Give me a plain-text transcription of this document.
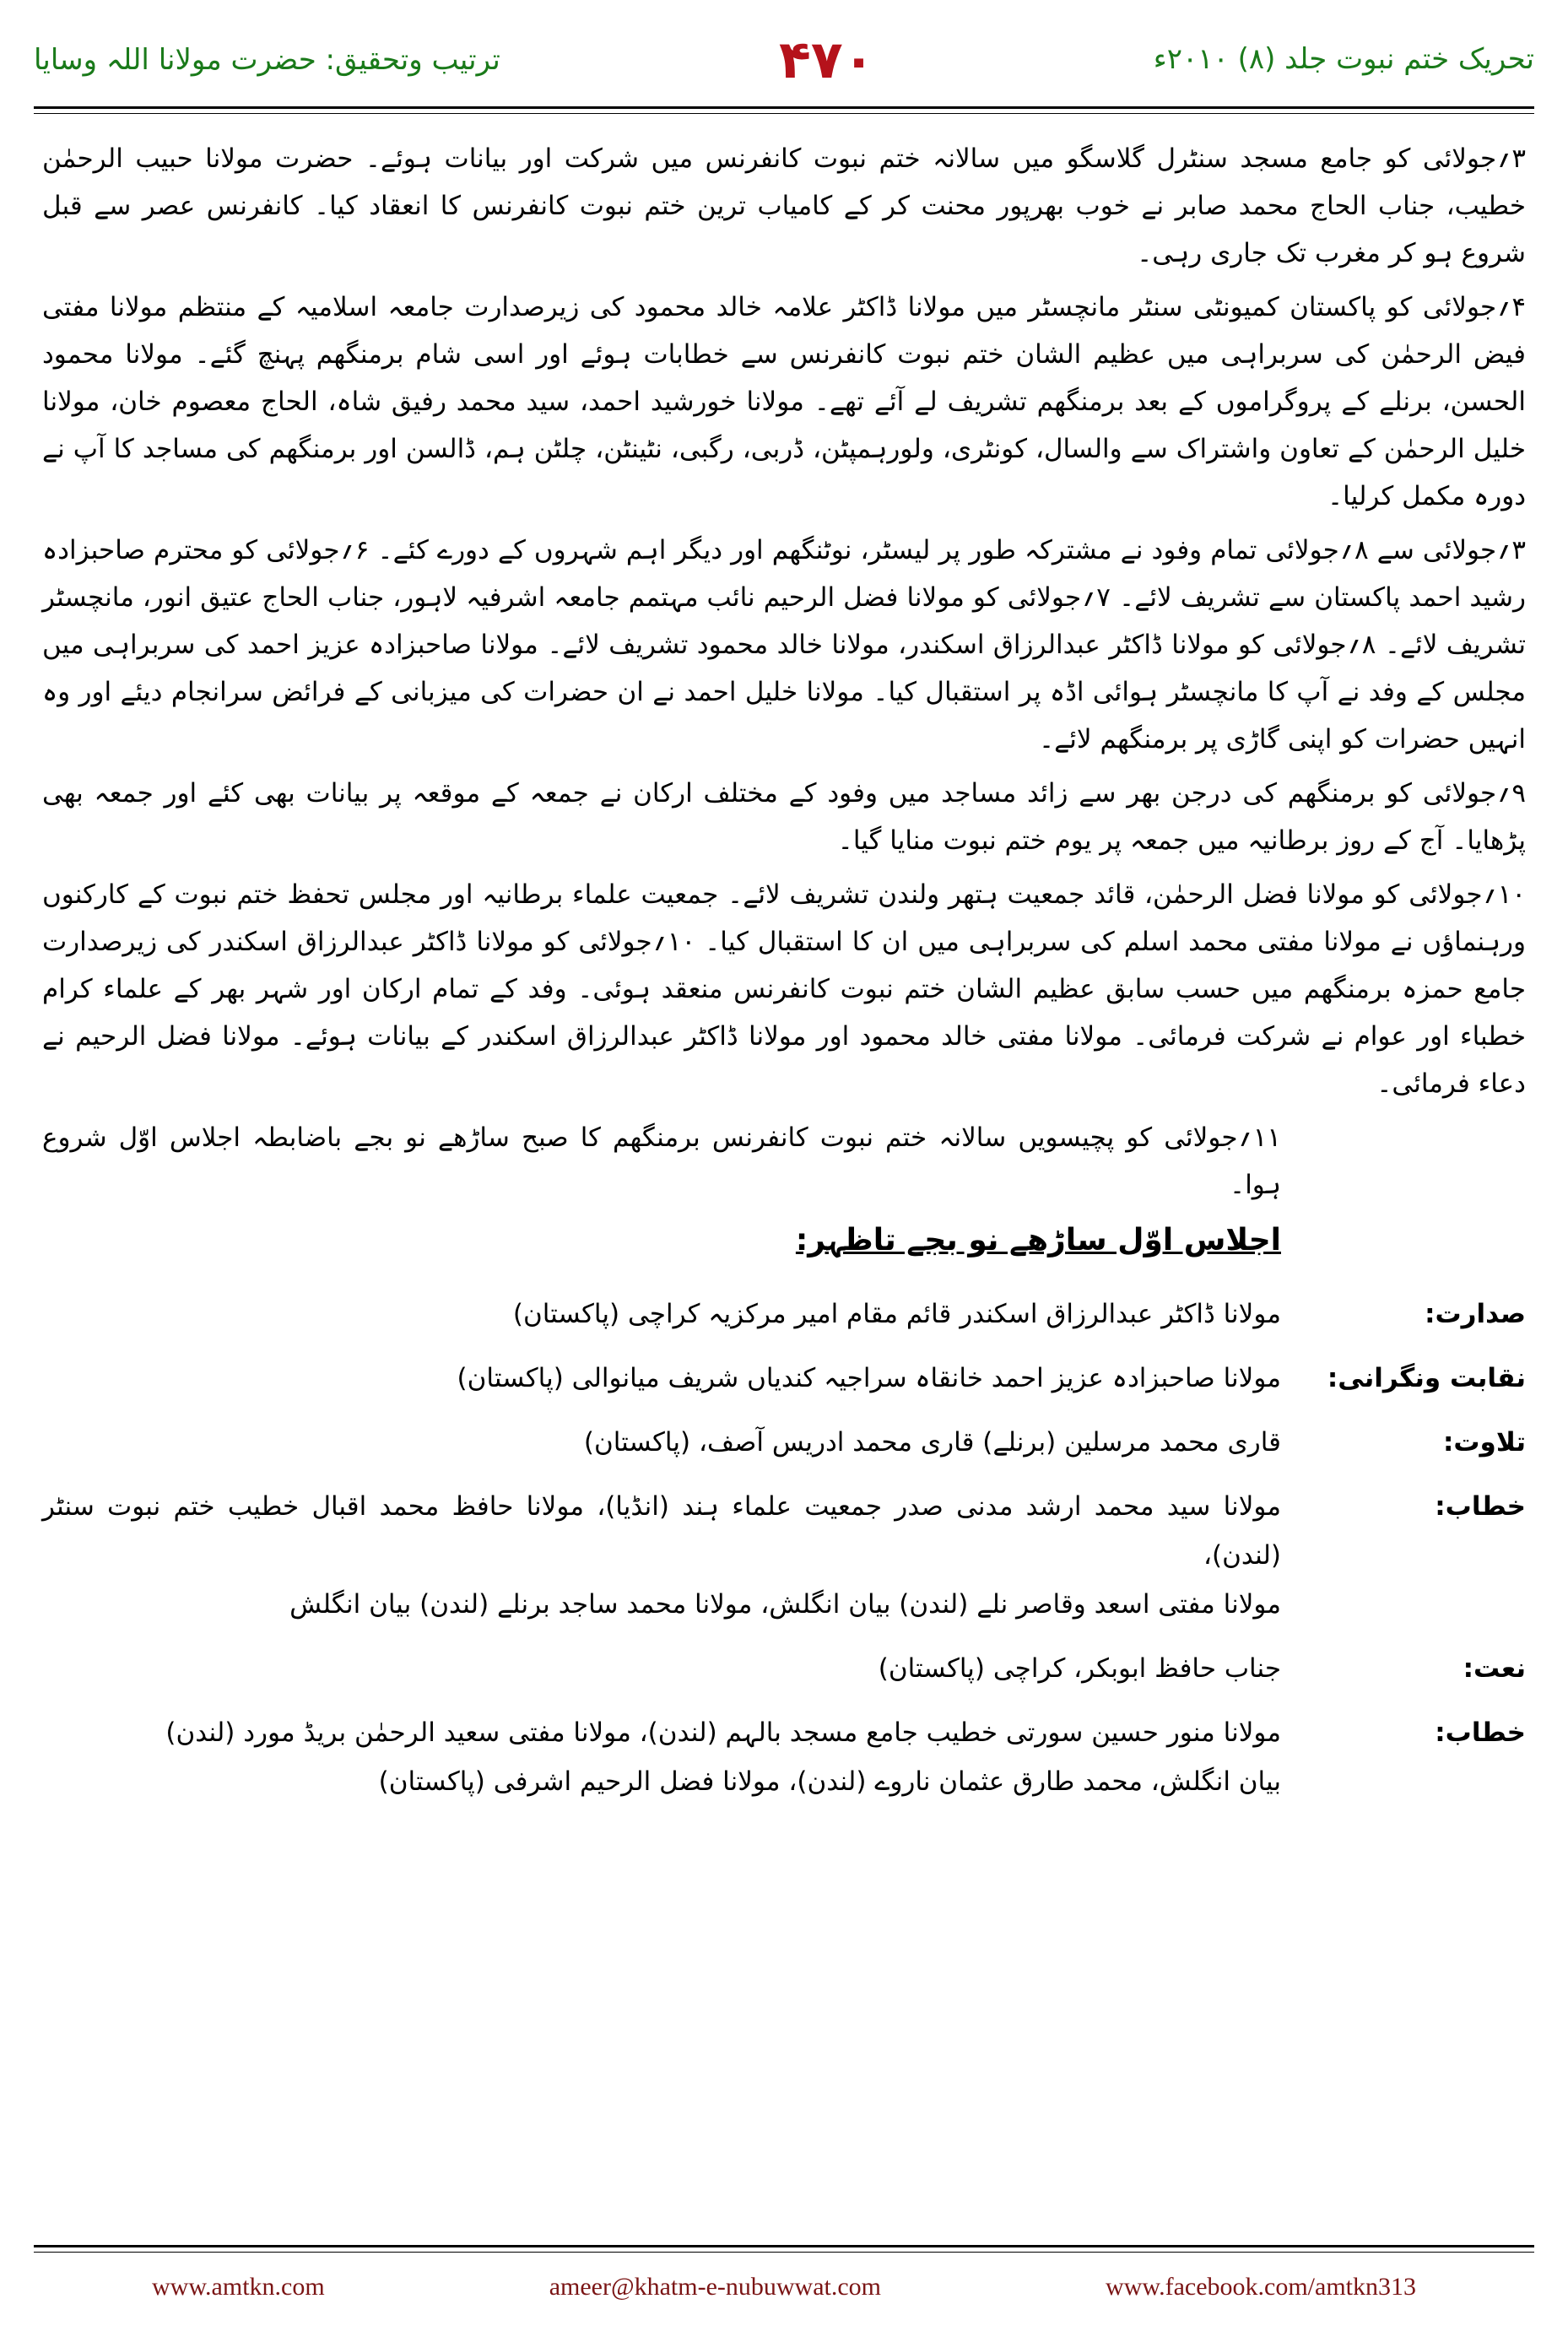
ترتیب وتحقیق: حضرت مولانا اللہ وسایا	۴۷۰	تحریک ختم نبوت جلد (۸) ۲۰۱۰ء

۳؍جولائی کو جامع مسجد سنٹرل گلاسگو میں سالانہ ختم نبوت کانفرنس میں شرکت اور بیانات ہوئے۔ حضرت مولانا حبیب الرحمٰن خطیب، جناب الحاج محمد صابر نے خوب بھرپور محنت کر کے کامیاب ترین ختم نبوت کانفرنس کا انعقاد کیا۔ کانفرنس عصر سے قبل شروع ہو کر مغرب تک جاری رہی۔

۴؍جولائی کو پاکستان کمیونٹی سنٹر مانچسٹر میں مولانا ڈاکٹر علامہ خالد محمود کی زیرصدارت جامعہ اسلامیہ کے منتظم مولانا مفتی فیض الرحمٰن کی سربراہی میں عظیم الشان ختم نبوت کانفرنس سے خطابات ہوئے اور اسی شام برمنگھم پہنچ گئے۔ مولانا محمود الحسن، برنلے کے پروگراموں کے بعد برمنگھم تشریف لے آئے تھے۔ مولانا خورشید احمد، سید محمد رفیق شاہ، الحاج معصوم خان، مولانا خلیل الرحمٰن کے تعاون واشتراک سے والسال، کونٹری، ولورہمپٹن، ڈربی، رگبی، نٹینٹن، چلٹن ہم، ڈالسن اور برمنگھم کی مساجد کا آپ نے دورہ مکمل کرلیا۔

۳؍جولائی سے ۸؍جولائی تمام وفود نے مشترکہ طور پر لیسٹر، نوٹنگھم اور دیگر اہم شہروں کے دورے کئے۔ ۶؍جولائی کو محترم صاحبزادہ رشید احمد پاکستان سے تشریف لائے۔ ۷؍جولائی کو مولانا فضل الرحیم نائب مہتمم جامعہ اشرفیہ لاہور، جناب الحاج عتیق انور، مانچسٹر تشریف لائے۔ ۸؍جولائی کو مولانا ڈاکٹر عبدالرزاق اسکندر، مولانا خالد محمود تشریف لائے۔ مولانا صاحبزادہ عزیز احمد کی سربراہی میں مجلس کے وفد نے آپ کا مانچسٹر ہوائی اڈہ پر استقبال کیا۔ مولانا خلیل احمد نے ان حضرات کی میزبانی کے فرائض سرانجام دیئے اور وہ انہیں حضرات کو اپنی گاڑی پر برمنگھم لائے۔

۹؍جولائی کو برمنگھم کی درجن بھر سے زائد مساجد میں وفود کے مختلف ارکان نے جمعہ کے موقعہ پر بیانات بھی کئے اور جمعہ بھی پڑھایا۔ آج کے روز برطانیہ میں جمعہ پر یوم ختم نبوت منایا گیا۔

۱۰؍جولائی کو مولانا فضل الرحمٰن، قائد جمعیت ہتھر ولندن تشریف لائے۔ جمعیت علماء برطانیہ اور مجلس تحفظ ختم نبوت کے کارکنوں ورہنماؤں نے مولانا مفتی محمد اسلم کی سربراہی میں ان کا استقبال کیا۔ ۱۰؍جولائی کو مولانا ڈاکٹر عبدالرزاق اسکندر کی زیرصدارت جامع حمزہ برمنگھم میں حسب سابق عظیم الشان ختم نبوت کانفرنس منعقد ہوئی۔ وفد کے تمام ارکان اور شہر بھر کے علماء کرام خطباء اور عوام نے شرکت فرمائی۔ مولانا مفتی خالد محمود اور مولانا ڈاکٹر عبدالرزاق اسکندر کے بیانات ہوئے۔ مولانا فضل الرحیم نے دعاء فرمائی۔

۱۱؍جولائی کو پچیسویں سالانہ ختم نبوت کانفرنس برمنگھم کا صبح ساڑھے نو بجے باضابطہ اجلاس اوّل شروع ہوا۔

اجلاس اوّل ساڑھے نو بجے تاظہر:
صدارت:
مولانا ڈاکٹر عبدالرزاق اسکندر قائم مقام امیر مرکزیہ کراچی (پاکستان)
نقابت ونگرانی:
مولانا صاحبزادہ عزیز احمد خانقاہ سراجیہ کندیاں شریف میانوالی (پاکستان)
تلاوت:
قاری محمد مرسلین (برنلے) قاری محمد ادریس آصف، (پاکستان)
خطاب:
مولانا سید محمد ارشد مدنی صدر جمعیت علماء ہند (انڈیا)، مولانا حافظ محمد اقبال خطیب ختم نبوت سنٹر (لندن)،
مولانا مفتی اسعد وقاصر نلے (لندن) بیان انگلش، مولانا محمد ساجد برنلے (لندن) بیان انگلش
نعت:
جناب حافظ ابوبکر، کراچی (پاکستان)
خطاب:
مولانا منور حسین سورتی خطیب جامع مسجد بالہم (لندن)، مولانا مفتی سعید الرحمٰن بریڈ مورد (لندن)
بیان انگلش، محمد طارق عثمان ناروے (لندن)، مولانا فضل الرحیم اشرفی (پاکستان)
www.amtkn.com	ameer@khatm-e-nubuwwat.com	www.facebook.com/amtkn313
